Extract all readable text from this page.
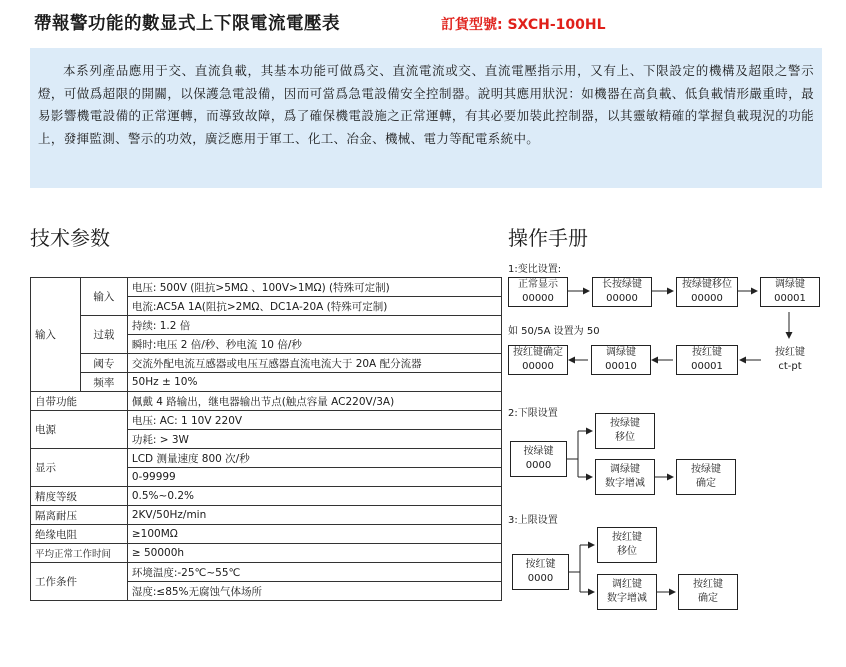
帶報警功能的數显式上下限電流電壓表	訂貨型號: SXCH-100HL

本系列產品應用于交、直流負載，其基本功能可做爲交、直流電流或交、直流電壓指示用，又有上、下限設定的機構及超限之警示燈，可做爲超限的開關，以保護急電設備，因而可當爲急電設備安全控制器。說明其應用狀況：如機器在高負載、低負載情形嚴重時，最易影響機電設備的正常運轉，而導致故障，爲了確保機電設施之正常運轉，有其必要加裝此控制器，以其靈敏精確的掌握負載現況的功能上，發揮監測、警示的功效，廣泛應用于軍工、化工、冶金、機械、電力等配電系統中。

技术参数	操作手册
输入	输入	电压: 500V (阻抗>5MΩ 、100V>1MΩ) (特殊可定制)
		电流:AC5A 1A(阻抗>2MΩ、DC1A-20A (特殊可定制)
	过载	持续: 1.2 倍
		瞬时:电压 2 倍/秒、秒电流 10 倍/秒
	阈专	交流外配电流互感器或电压互感器直流电流大于 20A 配分流器
	频率	50Hz ± 10%
自带功能		佩戴 4 路输出，继电器输出节点(触点容量 AC220V/3A)
电源		电压: AC: 1 10V 220V
		功耗: > 3W
显示		LCD 测量速度 800 次/秒
		0-99999
精度等级		0.5%~0.2%
隔离耐压		2KV/50Hz/min
绝缘电阻		≥100MΩ
平均正常工作时间		≥ 50000h
工作条件		环境温度:-25℃~55℃
		湿度:≤85%无腐蚀气体场所
1:变比设置:
正常显示
00000
长按绿键
00000
按绿键移位
00000
调绿键
00001
如 50/5A 设置为 50
按红键确定
00000
调绿键
00010
按红键
00001
按红键
ct-pt
2:下限设置
按绿键
0000
按绿键
移位
调绿键
数字增减
按绿键
确定
3:上限设置
按红键
0000
按红键
移位
调红键
数字增减
按红键
确定
